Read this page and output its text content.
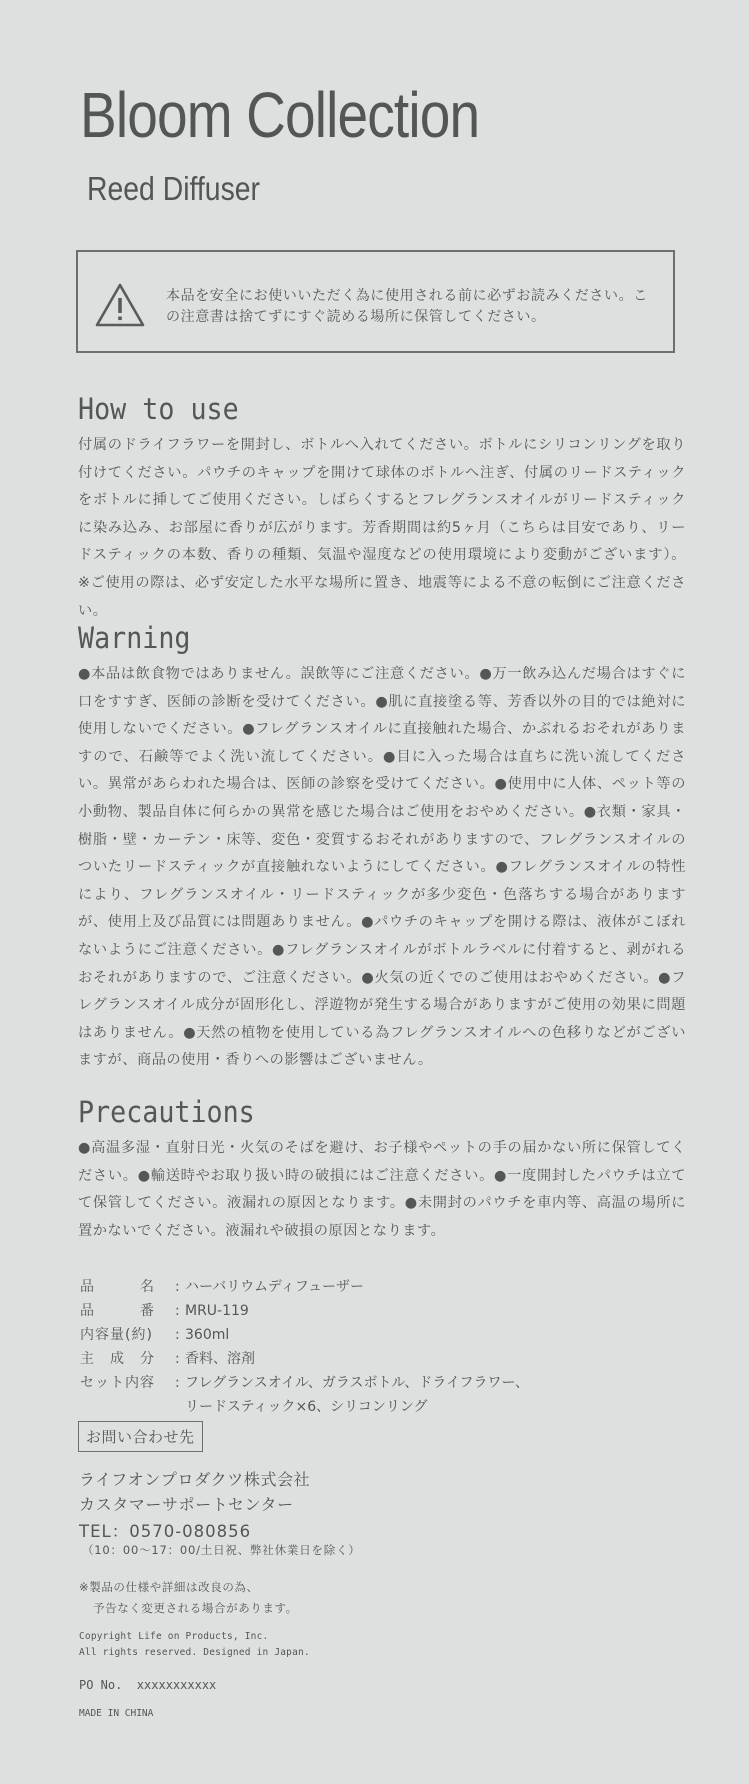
Bloom Collection
Reed Diffuser
本品を安全にお使いいただく為に使用される前に必ずお読みください。この注意書は捨てずにすぐ読める場所に保管してください。
How to use

付属のドライフラワーを開封し、ボトルへ入れてください。ボトルにシリコンリングを取り付けてください。パウチのキャップを開けて球体のボトルへ注ぎ、付属のリードスティックをボトルに挿してご使用ください。しばらくするとフレグランスオイルがリードスティックに染み込み、お部屋に香りが広がります。芳香期間は約5ヶ月（こちらは目安であり、リードスティックの本数、香りの種類、気温や湿度などの使用環境により変動がございます）。※ご使用の際は、必ず安定した水平な場所に置き、地震等による不意の転倒にご注意ください。

Warning

●本品は飲食物ではありません。誤飲等にご注意ください。●万一飲み込んだ場合はすぐに口をすすぎ、医師の診断を受けてください。●肌に直接塗る等、芳香以外の目的では絶対に使用しないでください。●フレグランスオイルに直接触れた場合、かぶれるおそれがありますので、石鹸等でよく洗い流してください。●目に入った場合は直ちに洗い流してください。異常があらわれた場合は、医師の診察を受けてください。●使用中に人体、ペット等の小動物、製品自体に何らかの異常を感じた場合はご使用をおやめください。●衣類・家具・樹脂・壁・カーテン・床等、変色・変質するおそれがありますので、フレグランスオイルのついたリードスティックが直接触れないようにしてください。●フレグランスオイルの特性により、フレグランスオイル・リードスティックが多少変色・色落ちする場合がありますが、使用上及び品質には問題ありません。●パウチのキャップを開ける際は、液体がこぼれないようにご注意ください。●フレグランスオイルがボトルラベルに付着すると、剥がれるおそれがありますので、ご注意ください。●火気の近くでのご使用はおやめください。●フレグランスオイル成分が固形化し、浮遊物が発生する場合がありますがご使用の効果に問題はありません。●天然の植物を使用している為フレグランスオイルへの色移りなどがございますが、商品の使用・香りへの影響はございません。

Precautions

●高温多湿・直射日光・火気のそばを避け、お子様やペットの手の届かない所に保管してください。●輸送時やお取り扱い時の破損にはご注意ください。●一度開封したパウチは立てて保管してください。液漏れの原因となります。●未開封のパウチを車内等、高温の場所に置かないでください。液漏れや破損の原因となります。

品　　　名	: ハーバリウムディフューザー
品　　　番	: MRU-119
内容量(約)	: 360ml
主　成　分	: 香料、溶剤
セット内容	: フレグランスオイル、ガラスボトル、ドライフラワー、
リードスティック×6、シリコンリング
お問い合わせ先
ライフオンプロダクツ株式会社
カスタマーサポートセンター
TEL：0570-080856
（10：00〜17：00/土日祝、弊社休業日を除く）
※製品の仕様や詳細は改良の為、
予告なく変更される場合があります。
Copyright Life on Products, Inc.
All rights reserved. Designed in Japan.
PO No.  xxxxxxxxxxx
MADE IN CHINA
